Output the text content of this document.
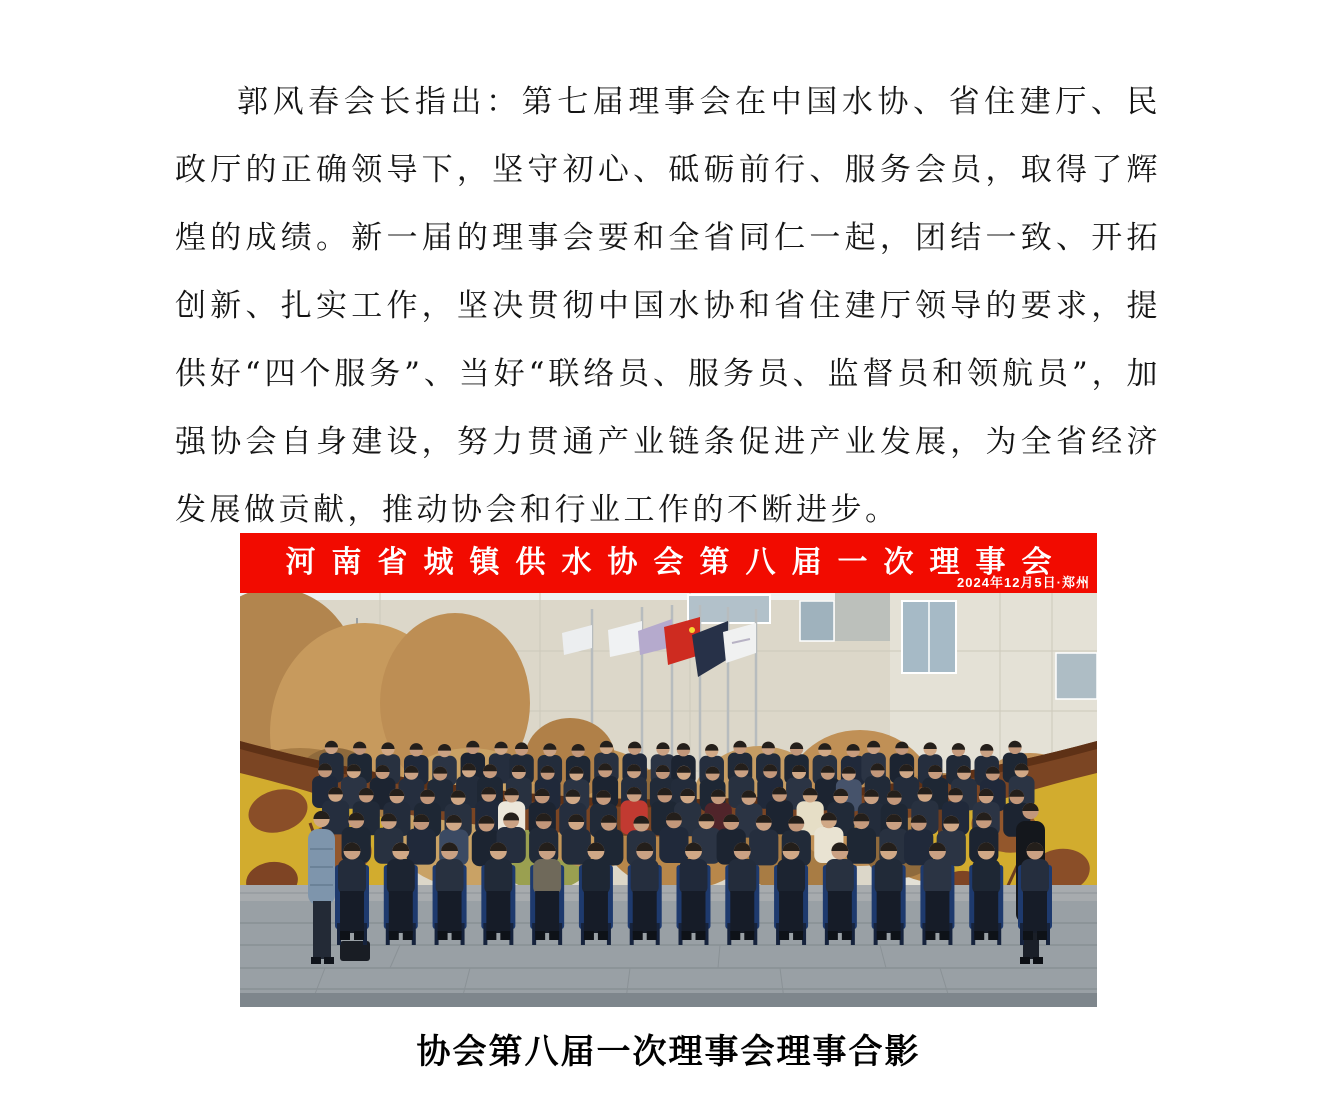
郭风春会长指出：第七届理事会在中国水协、省住建厅、民政厅的正确领导下，坚守初心、砥砺前行、服务会员，取得了辉煌的成绩。新一届的理事会要和全省同仁一起，团结一致、开拓创新、扎实工作，坚决贯彻中国水协和省住建厅领导的要求，提供好“四个服务”、当好“联络员、服务员、监督员和领航员”，加强协会自身建设，努力贯通产业链条促进产业发展，为全省经济发展做贡献，推动协会和行业工作的不断进步。

河南省城镇供水协会第八届一次理事会
2024年12月5日·郑州
协会第八届一次理事会理事合影
